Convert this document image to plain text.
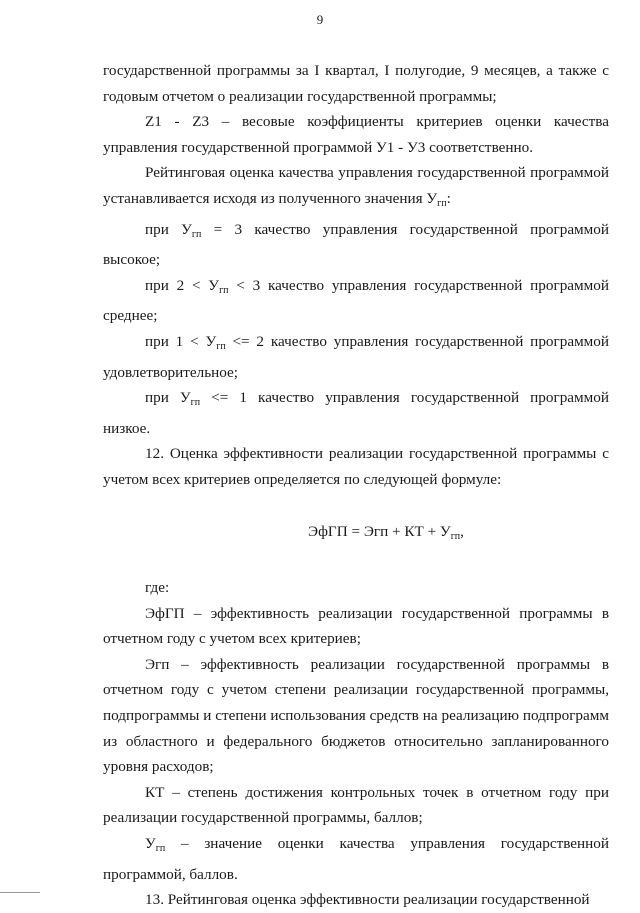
9

государственной программы за I квартал, I полугодие, 9 месяцев, а также с годовым отчетом о реализации государственной программы;

Z1 - Z3 – весовые коэффициенты критериев оценки качества управления государственной программой У1 - У3 соответственно.

Рейтинговая оценка качества управления государственной программой устанавливается исходя из полученного значения $У_{гп}$:

при $У_{гп} = 3$ качество управления государственной программой высокое;

при $2 < У_{гп} < 3$ качество управления государственной программой среднее;

при $1 < У_{гп} <= 2$ качество управления государственной программой удовлетворительное;

при $У_{гп} <= 1$ качество управления государственной программой низкое.

12. Оценка эффективности реализации государственной программы с учетом всех критериев определяется по следующей формуле:

ЭфГП = Эгп + КТ + $У_{гп}$,

где:

ЭфГП – эффективность реализации государственной программы в отчетном году с учетом всех критериев;

Эгп – эффективность реализации государственной программы в отчетном году с учетом степени реализации государственной программы, подпрограммы и степени использования средств на реализацию подпрограмм из областного и федерального бюджетов относительно запланированного уровня расходов;

КТ – степень достижения контрольных точек в отчетном году при реализации государственной программы, баллов;

$У_{гп}$ – значение оценки качества управления государственной программой, баллов.

13. Рейтинговая оценка эффективности реализации государственной
